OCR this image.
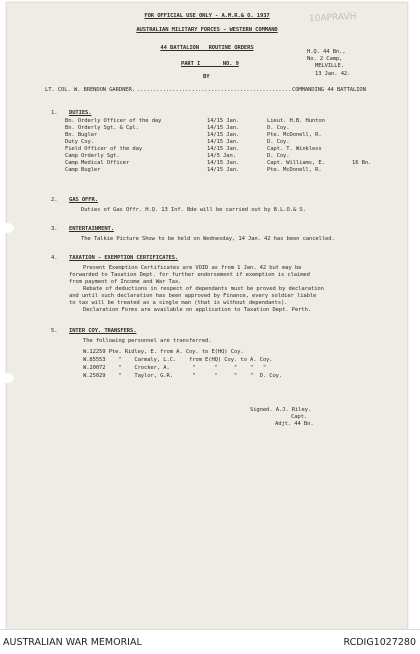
10APRAVH
FOR OFFICIAL USE ONLY - A.M.R.& O. 1937
AUSTRALIAN MILITARY FORCES - WESTERN COMMAND
44 BATTALION   ROUTINE ORDERS
H.Q. 44 Bn.,
No. 2 Camp,
MELVILLE.
13 Jan. 42.
PART I       NO. 9
BY
LT. COL. W. BRENDON GARDNER. ................................................ COMMANDING 44 BATTALION
1. DUTIES.
Bn. Orderly Officer of the day	14/15 Jan.	Lieut. H.B. Hunton
Bn. Orderly Sgt. & Cpl.	14/15 Jan.	D. Coy.
Bn. Bugler	14/15 Jan.	Pte. McDonell, R.
Duty Coy.	14/15 Jan.	D. Coy.
Field Officer of the day	14/15 Jan.	Capt. T. Winkless
Camp Orderly Sgt.	14/5 Jan.	D. Coy.
Camp Medical Officer	14/15 Jan.	Capt. Williams, E.	16 Bn.
Camp Bugler	14/15 Jan.	Pte. McDonell, R.
2. GAS OFFR.
Duties of Gas Offr. H.Q. 13 Inf. Bde will be carried out by B.L.O.& S.
3. ENTERTAINMENT.
The Talkie Picture Show to be held on Wednesday, 14 Jan. 42 has been cancelled.
4. TAXATION - EXEMPTION CERTIFICATES.
Present Exemption Certificates are VOID as from 1 Jan. 42 but may be
forwarded to Taxation Dept. for further endorsement if exemption is claimed
from payment of Income and War Tax.
Rebate of deductions in respect of dependants must be proved by declaration
and until such declaration has been approved by Finance, every soldier liable
to tax will be treated as a single man (that is without dependants).
Declaration Forms are available on application to Taxation Dept. Perth.
5. INTER COY. TRANSFERS.
The following personnel are transferred.
W.12259 Pte. Ridley, E. from A. Coy. to E(HQ) Coy.
W.85553    "    Carmaly, L.C.    from E(HQ) Coy. to A. Coy.
W.20072    "    Crocker, A.       "      "     "    "   "
W.25029    "    Taylor, G.R.      "      "     "    "  D. Coy.
Signed. A.J. Riley.
Capt.
Adjt. 44 Bn.
AUSTRALIAN WAR MEMORIAL	RCDIG1027280
